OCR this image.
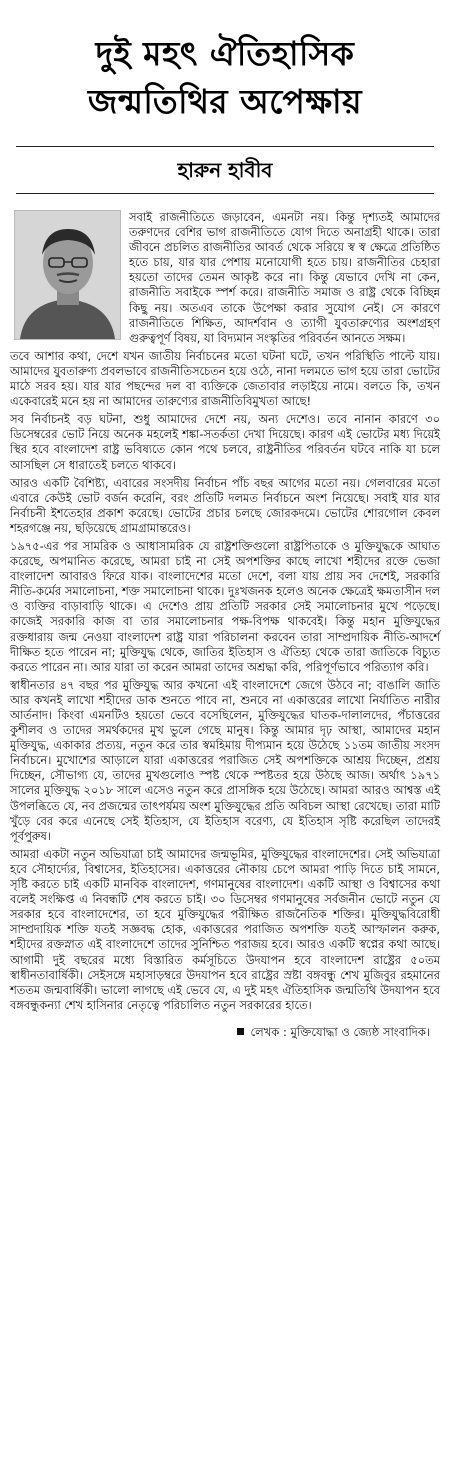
দুই মহৎ ঐতিহাসিক
জন্মতিথির অপেক্ষায়
হারুন হাবীব

সবাই রাজনীতিতে জড়াবেন, এমনটা নয়। কিন্তু দৃশ্যতই আমাদের তরুণদের বেশির ভাগ রাজনীতিতে যোগ দিতে অনাগ্রহী থাকে। তারা জীবনে প্রচলিত রাজনীতির আবর্ত থেকে সরিয়ে স্ব স্ব ক্ষেত্রে প্রতিষ্ঠিত হতে চায়, যার যার পেশায় মনোযোগী হতে চায়। রাজনীতির চেহারা হয়তো তাদের তেমন আকৃষ্ট করে না। কিন্তু যেভাবে দেখি না কেন, রাজনীতি সবাইকে স্পর্শ করে। রাজনীতি সমাজ ও রাষ্ট্র থেকে বিচ্ছিন্ন কিছু নয়। অতএব তাকে উপেক্ষা করার সুযোগ নেই। সে কারণে রাজনীতিতে শিক্ষিত, আদর্শবান ও ত্যাগী যুবতারুণ্যের অংশগ্রহণ গুরুত্বপূর্ণ বিষয়, যা বিদ্যমান সংস্কৃতির পরিবর্তন আনতে সক্ষম।

তবে আশার কথা, দেশে যখন জাতীয় নির্বাচনের মতো ঘটনা ঘটে, তখন পরিস্থিতি পাল্টে যায়। আমাদের যুবতারুণ্য প্রবলভাবে রাজনীতিসচেতন হয়ে ওঠে, নানা দলমতে ভাগ হয়ে তারা ভোটের মাঠে সরব হয়। যার যার পছন্দের দল বা ব্যক্তিকে জেতাবার লড়াইয়ে নামে। বলতে কি, তখন একেবারেই মনে হয় না আমাদের তারুণ্যের রাজনীতিবিমুখতা আছে!

সব নির্বাচনই বড় ঘটনা, শুধু আমাদের দেশে নয়, অন্য দেশেও। তবে নানান কারণে ৩০ ডিসেম্বরের ভোট নিয়ে অনেক মহলেই শঙ্কা-সতর্কতা দেখা দিয়েছে। কারণ এই ভোটের মধ্য দিয়েই স্থির হবে বাংলাদেশ রাষ্ট্র ভবিষ্যতে কোন পথে চলবে, রাষ্ট্রনীতির পরিবর্তন ঘটবে নাকি যা চলে আসছিল সে ধারাতেই চলতে থাকবে।

আরও একটি বৈশিষ্ট্য, এবারের সংসদীয় নির্বাচন পাঁচ বছর আগের মতো নয়। গেলবারের মতো এবারে কেউই ভোট বর্জন করেনি, বরং প্রতিটি দলমত নির্বাচনে অংশ নিয়েছে। সবাই যার যার নির্বাচনী ইশতেহার প্রকাশ করেছে। ভোটের প্রচার চলছে জোরকদমে। ভোটের শোরগোল কেবল শহরগঞ্জে নয়, ছড়িয়েছে গ্রামগ্রামান্তরেও।

১৯৭৫-এর পর সামরিক ও আধাসামরিক যে রাষ্ট্রশক্তিগুলো রাষ্ট্রপিতাকে ও মুক্তিযুদ্ধকে আঘাত করেছে, অপমানিত করেছে, আমরা চাই না সেই অপশক্তির কাছে লাখো শহীদের রক্তে ভেজা বাংলাদেশ আবারও ফিরে যাক। বাংলাদেশের মতো দেশে, বলা যায় প্রায় সব দেশেই, সরকারি নীতি-কর্মের সমালোচনা, শক্ত সমালোচনা থাকে। দুঃখজনক হলেও অনেক ক্ষেত্রেই ক্ষমতাসীন দল ও ব্যক্তির বাড়াবাড়ি থাকে। এ দেশেও প্রায় প্রতিটি সরকার সেই সমালোচনার মুখে পড়েছে। কাজেই সরকারি কাজ বা তার সমালোচনার পক্ষ-বিপক্ষ থাকবেই। কিন্তু মহান মুক্তিযুদ্ধের রক্তধারায় জন্ম নেওয়া বাংলাদেশ রাষ্ট্র যারা পরিচালনা করবেন তারা সাম্প্রদায়িক নীতি-আদর্শে দীক্ষিত হতে পারেন না; মুক্তিযুদ্ধ থেকে, জাতির ইতিহাস ও ঐতিহ্য থেকে তারা জাতিকে বিচ্যুত করতে পারেন না। আর যারা তা করেন আমরা তাদের অশ্রদ্ধা করি, পরিপূর্ণভাবে পরিত্যাগ করি।

স্বাধীনতার ৪৭ বছর পর মুক্তিযুদ্ধ আর কখনো এই বাংলাদেশে জেগে উঠবে না; বাঙালি জাতি আর কখনই লাখো শহীদের ডাক শুনতে পাবে না, শুনবে না একাত্তরের লাখো নির্যাতিত নারীর আর্তনাদ। কিংবা এমনটিও হয়তো ভেবে বসেছিলেন, মুক্তিযুদ্ধের ঘাতক-দালালদের, পঁচাত্তরের কুশীলব ও তাদের সমর্থকদের মুখ ভুলে গেছে মানুষ। কিন্তু আমার দৃঢ় আস্থা, আমাদের মহান মুক্তিযুদ্ধ, একাকার প্রত্যয়, নতুন করে তার স্বমহিমায় দীপ্যমান হয়ে উঠেছে ১১তম জাতীয় সংসদ নির্বাচনে। মুখোশের আড়ালে যারা একাত্তরের পরাজিত সেই অপশক্তিকে আশ্রয় দিচ্ছেন, প্রশ্রয় দিচ্ছেন, সৌভাগ্য যে, তাদের মুখগুলোও স্পষ্ট থেকে স্পষ্টতর হয়ে উঠছে আজ। অর্থাৎ ১৯৭১ সালের মুক্তিযুদ্ধ ২০১৮ সালে এসেও নতুন করে প্রাসঙ্গিক হয়ে উঠেছে। আমরা আরও আশ্বস্ত এই উপলব্ধিতে যে, নব প্রজন্মের তাৎপর্যময় অংশ মুক্তিযুদ্ধের প্রতি অবিচল আস্থা রেখেছে। তারা মাটি খুঁড়ে বের করে এনেছে সেই ইতিহাস, যে ইতিহাস বরেণ্য, যে ইতিহাস সৃষ্টি করেছিল তাদেরই পূর্বপুরুষ।

আমরা একটা নতুন অভিযাত্রা চাই আমাদের জন্মভূমির, মুক্তিযুদ্ধের বাংলাদেশের। সেই অভিযাত্রা হবে সৌহার্দ্যের, বিশ্বাসের, ইতিহাসের। একাত্তরের নৌকায় চেপে আমরা পাড়ি দিতে চাই সামনে, সৃষ্টি করতে চাই একটি মানবিক বাংলাদেশ, গণমানুষের বাংলাদেশ। একটি আস্থা ও বিশ্বাসের কথা বলেই সংক্ষিপ্ত এ নিবন্ধটি শেষ করতে চাই। ৩০ ডিসেম্বর গণমানুষের সর্বজনীন ভোটে নতুন যে সরকার হবে বাংলাদেশের, তা হবে মুক্তিযুদ্ধের পরীক্ষিত রাজনৈতিক শক্তির। মুক্তিযুদ্ধবিরোধী সাম্প্রদায়িক শক্তি যতই সজ্ঞবদ্ধ হোক, একাত্তরের পরাজিত অপশক্তি যতই আস্ফালন করুক, শহীদের রক্তস্নাত এই বাংলাদেশে তাদের সুনিশ্চিত পরাজয় হবে। আরও একটি স্বপ্নের কথা আছে। আগামী দুই বছরের মধ্যে বিস্তারিত কর্মসূচিতে উদযাপন হবে বাংলাদেশ রাষ্ট্রের ৫০তম স্বাধীনতাবার্ষিকী। সেইসঙ্গে মহাসাড়ম্বরে উদযাপন হবে রাষ্ট্রের স্রষ্টা বঙ্গবন্ধু শেখ মুজিবুর রহমানের শততম জন্মবার্ষিকী। ভালো লাগছে এই ভেবে যে, এ দুই মহৎ ঐতিহাসিক জন্মতিথি উদযাপন হবে বঙ্গবন্ধুকন্যা শেখ হাসিনার নেতৃত্বে পরিচালিত নতুন সরকারের হাতে।

লেখক : মুক্তিযোদ্ধা ও জ্যেষ্ঠ সাংবাদিক।
